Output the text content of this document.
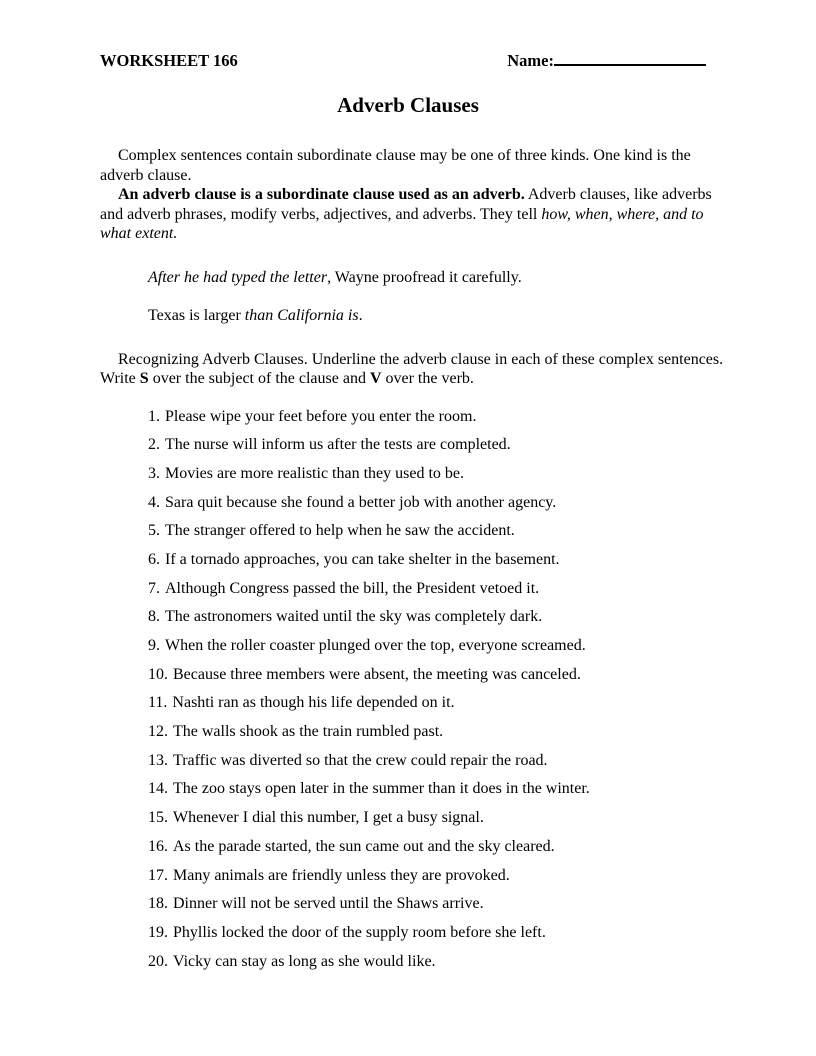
WORKSHEET 166	Name:
Adverb Clauses

Complex sentences contain subordinate clause may be one of three kinds. One kind is the adverb clause.

An adverb clause is a subordinate clause used as an adverb. Adverb clauses, like adverbs and adverb phrases, modify verbs, adjectives, and adverbs. They tell how, when, where, and to what extent.

After he had typed the letter, Wayne proofread it carefully.

Texas is larger than California is.

Recognizing Adverb Clauses. Underline the adverb clause in each of these complex sentences. Write S over the subject of the clause and V over the verb.

1. Please wipe your feet before you enter the room.
2. The nurse will inform us after the tests are completed.
3. Movies are more realistic than they used to be.
4. Sara quit because she found a better job with another agency.
5. The stranger offered to help when he saw the accident.
6. If a tornado approaches, you can take shelter in the basement.
7. Although Congress passed the bill, the President vetoed it.
8. The astronomers waited until the sky was completely dark.
9. When the roller coaster plunged over the top, everyone screamed.
10. Because three members were absent, the meeting was canceled.
11. Nashti ran as though his life depended on it.
12. The walls shook as the train rumbled past.
13. Traffic was diverted so that the crew could repair the road.
14. The zoo stays open later in the summer than it does in the winter.
15. Whenever I dial this number, I get a busy signal.
16. As the parade started, the sun came out and the sky cleared.
17. Many animals are friendly unless they are provoked.
18. Dinner will not be served until the Shaws arrive.
19. Phyllis locked the door of the supply room before she left.
20. Vicky can stay as long as she would like.
